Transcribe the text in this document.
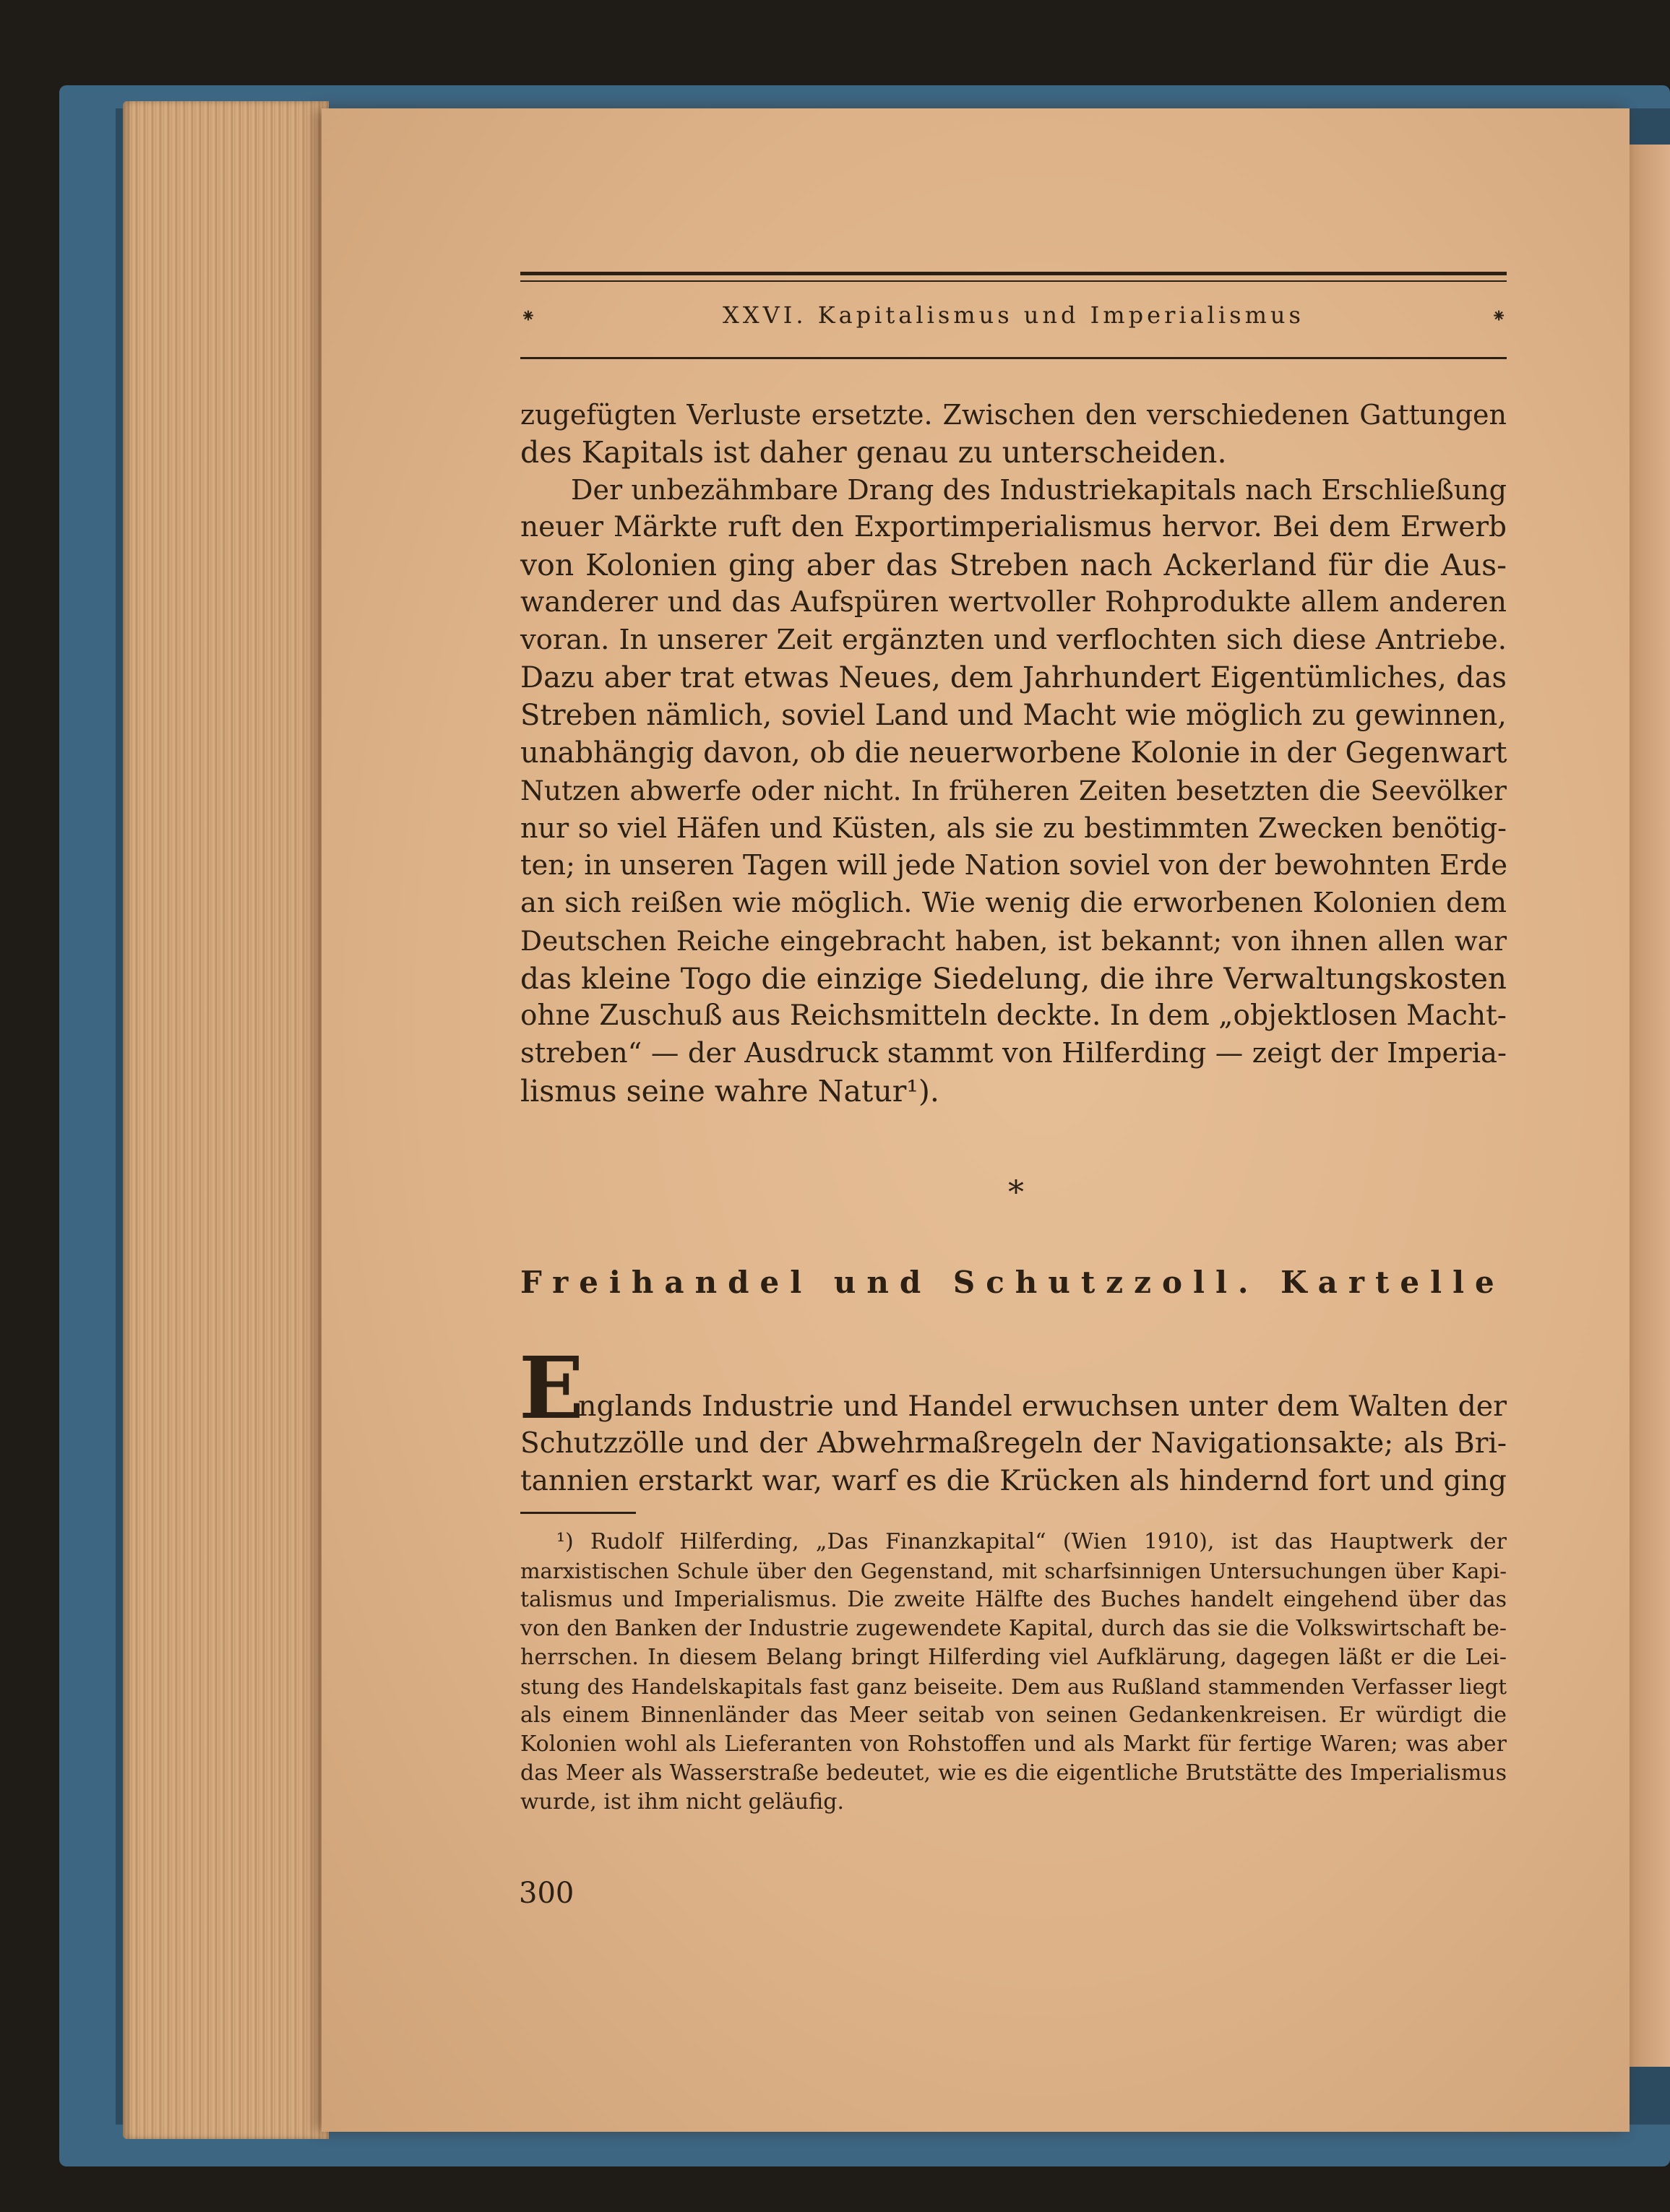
⁕	XXVI. Kapitalismus und Imperialismus	⁕
zugefügten Verluste ersetzte. Zwischen den verschiedenen Gattungen
des Kapitals ist daher genau zu unterscheiden.
Der unbezähmbare Drang des Industriekapitals nach Erschließung
neuer Märkte ruft den Exportimperialismus hervor. Bei dem Erwerb
von Kolonien ging aber das Streben nach Ackerland für die Aus-
wanderer und das Aufspüren wertvoller Rohprodukte allem anderen
voran. In unserer Zeit ergänzten und verflochten sich diese Antriebe.
Dazu aber trat etwas Neues, dem Jahrhundert Eigentümliches, das
Streben nämlich, soviel Land und Macht wie möglich zu gewinnen,
unabhängig davon, ob die neuerworbene Kolonie in der Gegenwart
Nutzen abwerfe oder nicht. In früheren Zeiten besetzten die Seevölker
nur so viel Häfen und Küsten, als sie zu bestimmten Zwecken benötig-
ten; in unseren Tagen will jede Nation soviel von der bewohnten Erde
an sich reißen wie möglich. Wie wenig die erworbenen Kolonien dem
Deutschen Reiche eingebracht haben, ist bekannt; von ihnen allen war
das kleine Togo die einzige Siedelung, die ihre Verwaltungskosten
ohne Zuschuß aus Reichsmitteln deckte. In dem „objektlosen Macht-
streben“ — der Ausdruck stammt von Hilferding — zeigt der Imperia-
lismus seine wahre Natur¹).
*
Freihandel und Schutzzoll. Kartelle
E
nglands Industrie und Handel erwuchsen unter dem Walten der
Schutzzölle und der Abwehrmaßregeln der Navigationsakte; als Bri-
tannien erstarkt war, warf es die Krücken als hindernd fort und ging
¹) Rudolf Hilferding, „Das Finanzkapital“ (Wien 1910), ist das Hauptwerk der
marxistischen Schule über den Gegenstand, mit scharfsinnigen Untersuchungen über Kapi-
talismus und Imperialismus. Die zweite Hälfte des Buches handelt eingehend über das
von den Banken der Industrie zugewendete Kapital, durch das sie die Volkswirtschaft be-
herrschen. In diesem Belang bringt Hilferding viel Aufklärung, dagegen läßt er die Lei-
stung des Handelskapitals fast ganz beiseite. Dem aus Rußland stammenden Verfasser liegt
als einem Binnenländer das Meer seitab von seinen Gedankenkreisen. Er würdigt die
Kolonien wohl als Lieferanten von Rohstoffen und als Markt für fertige Waren; was aber
das Meer als Wasserstraße bedeutet, wie es die eigentliche Brutstätte des Imperialismus
wurde, ist ihm nicht geläufig.
300
